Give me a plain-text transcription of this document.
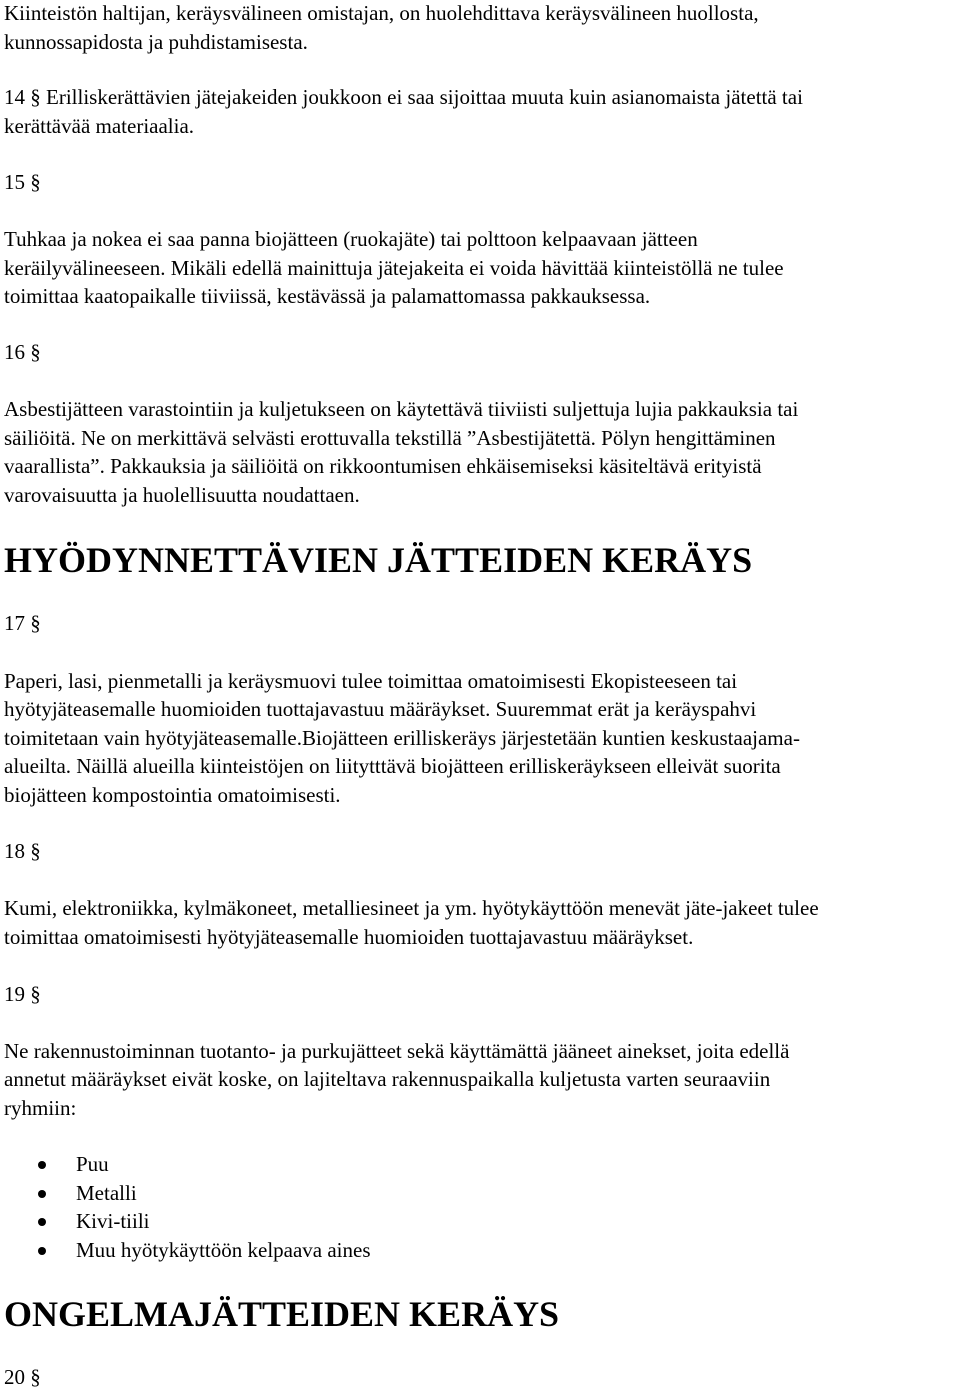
Kiinteistön haltijan, keräysvälineen omistajan, on huolehdittava keräysvälineen huollosta,

kunnossapidosta ja puhdistamisesta.

14 § Erilliskerättävien jätejakeiden joukkoon ei saa sijoittaa muuta kuin asianomaista jätettä tai

kerättävää materiaalia.

15 §

Tuhkaa ja nokea ei saa panna biojätteen (ruokajäte) tai polttoon kelpaavaan jätteen

keräilyvälineeseen. Mikäli edellä mainittuja jätejakeita ei voida hävittää kiinteistöllä ne tulee

toimittaa kaatopaikalle tiiviissä, kestävässä ja palamattomassa pakkauksessa.

16 §

Asbestijätteen varastointiin ja kuljetukseen on käytettävä tiiviisti suljettuja lujia pakkauksia tai

säiliöitä. Ne on merkittävä selvästi erottuvalla tekstillä ”Asbestijätettä. Pölyn hengittäminen

vaarallista”. Pakkauksia ja säiliöitä on rikkoontumisen ehkäisemiseksi käsiteltävä erityistä

varovaisuutta ja huolellisuutta noudattaen.

HYÖDYNNETTÄVIEN JÄTTEIDEN KERÄYS

17 §

Paperi, lasi, pienmetalli ja keräysmuovi tulee toimittaa omatoimisesti Ekopisteeseen tai

hyötyjäteasemalle huomioiden tuottajavastuu määräykset. Suuremmat erät ja keräyspahvi

toimitetaan vain hyötyjäteasemalle.Biojätteen erilliskeräys järjestetään kuntien keskustaajama-

alueilta. Näillä alueilla kiinteistöjen on liitytttävä biojätteen erilliskeräykseen elleivät suorita

biojätteen kompostointia omatoimisesti.

18 §

Kumi, elektroniikka, kylmäkoneet, metalliesineet ja ym. hyötykäyttöön menevät jäte-jakeet tulee

toimittaa omatoimisesti hyötyjäteasemalle huomioiden tuottajavastuu määräykset.

19 §

Ne rakennustoiminnan tuotanto- ja purkujätteet sekä käyttämättä jääneet ainekset, joita edellä

annetut määräykset eivät koske, on lajiteltava rakennuspaikalla kuljetusta varten seuraaviin

ryhmiin:

Puu
Metalli
Kivi-tiili
Muu hyötykäyttöön kelpaava aines
ONGELMAJÄTTEIDEN KERÄYS

20 §
